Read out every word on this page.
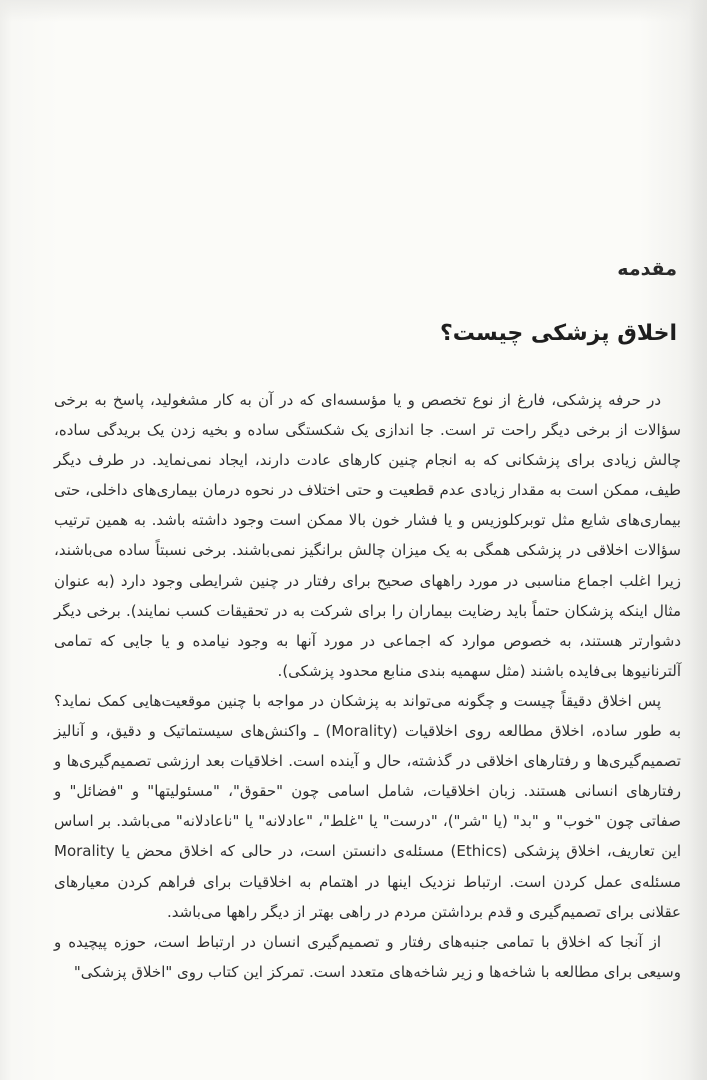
مقدمه
اخلاق پزشکی چیست؟

در حرفه پزشکی، فارغ از نوع تخصص و یا مؤسسه‌ای که در آن به کار مشغولید، پاسخ به برخی سؤالات از برخی دیگر راحت تر است. جا اندازی یک شکستگی ساده و بخیه زدن یک بریدگی ساده، چالش زیادی برای پزشکانی که به انجام چنین کارهای عادت دارند، ایجاد نمی‌نماید. در طرف دیگر طیف، ممکن است به مقدار زیادی عدم قطعیت و حتی اختلاف در نحوه درمان بیماری‌های داخلی، حتی بیماری‌های شایع مثل توبرکلوزیس و یا فشار خون بالا ممکن است وجود داشته باشد. به همین ترتیب سؤالات اخلاقی در پزشکی همگی به یک میزان چالش برانگیز نمی‌باشند. برخی نسبتاً ساده می‌باشند، زیرا اغلب اجماع مناسبی در مورد راههای صحیح برای رفتار در چنین شرایطی وجود دارد (به عنوان مثال اینکه پزشکان حتماً باید رضایت بیماران را برای شرکت به در تحقیقات کسب نمایند). برخی دیگر دشوارتر هستند، به خصوص موارد که اجماعی در مورد آنها به وجود نیامده و یا جایی که تمامی آلترنانیوها بی‌فایده باشند (مثل سهمیه بندی منابع محدود پزشکی).

پس اخلاق دقیقاً چیست و چگونه می‌تواند به پزشکان در مواجه با چنین موقعیت‌هایی کمک نماید؟ به طور ساده، اخلاق مطالعه روی اخلاقیات (Morality) ـ واکنش‌های سیستماتیک و دقیق، و آنالیز تصمیم‌گیری‌ها و رفتارهای اخلاقی در گذشته، حال و آینده است. اخلاقیات بعد ارزشی تصمیم‌گیری‌ها و رفتارهای انسانی هستند. زبان اخلاقیات، شامل اسامی چون "حقوق"، "مسئولیتها" و "فضائل" و صفاتی چون "خوب" و "بد" (یا "شر")، "درست" یا "غلط"، "عادلانه" یا "ناعادلانه" می‌باشد. بر اساس این تعاریف، اخلاق پزشکی (Ethics) مسئله‌ی دانستن است، در حالی که اخلاق محض یا Morality مسئله‌ی عمل کردن است. ارتباط نزدیک اینها در اهتمام به اخلاقیات برای فراهم کردن معیارهای عقلانی برای تصمیم‌گیری و قدم برداشتن مردم در راهی بهتر از دیگر راهها می‌باشد.

از آنجا که اخلاق با تمامی جنبه‌های رفتار و تصمیم‌گیری انسان در ارتباط است، حوزه پیچیده و وسیعی برای مطالعه با شاخه‌ها و زیر شاخه‌های متعدد است. تمرکز این کتاب روی "اخلاق پزشکی"
